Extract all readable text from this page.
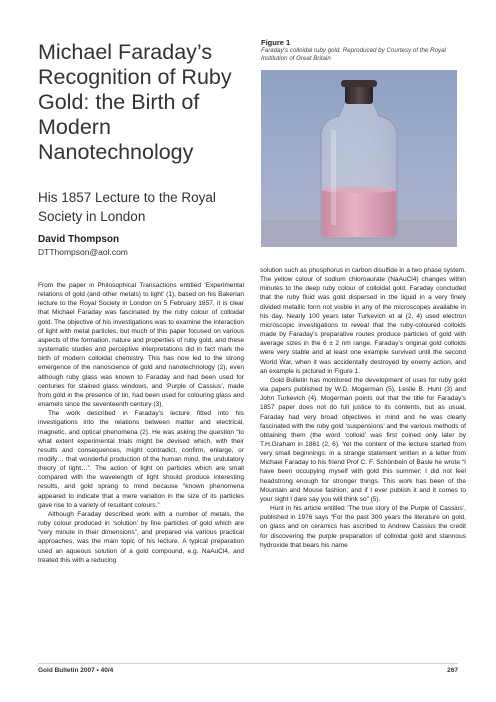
Michael Faraday’s Recognition of Ruby Gold: the Birth of Modern Nanotechnology
His 1857 Lecture to the Royal Society in London
David Thompson
DTThompson@aol.com
Figure 1
Faraday’s colloidal ruby gold. Reproduced by Courtesy of the Royal Institution of Great Britain

From the paper in Philosophical Transactions entitled ‘Experimental relations of gold (and other metals) to light’ (1), based on his Bakerian lecture to the Royal Society in London on 5 February 1857, it is clear that Michael Faraday was fascinated by the ruby colour of colloidal gold. The objective of his investigations was to examine the interaction of light with metal particles, but much of this paper focused on various aspects of the formation, nature and properties of ruby gold, and these systematic studies and perceptive interpretations did in fact mark the birth of modern colloidal chemistry. This has now led to the strong emergence of the nanoscience of gold and nanotechnology (2), even although ruby glass was known to Faraday and had been used for centuries for stained glass windows, and ‘Purple of Cassius’, made from gold in the presence of tin, had been used for colouring glass and enamels since the seventeenth century (3).

The work described in Faraday’s lecture fitted into his investigations into the relations between matter and electrical, magnetic, and optical phenomena (2). He was asking the question “to what extent experimental trials might be devised which, with their results and consequences, might contradict, confirm, enlarge, or modify… that wonderful production of the human mind, the undulatory theory of light…”. The action of light on particles which are small compared with the wavelength of light should produce interesting results, and gold sprang to mind because “known phenomena appeared to indicate that a mere variation in the size of its particles gave rise to a variety of resultant colours.”

Although Faraday described work with a number of metals, the ruby colour produced in ‘solution’ by fine particles of gold which are “very minute in their dimensions”, and prepared via various practical approaches, was the main topic of his lecture. A typical preparation used an aqueous solution of a gold compound, e.g. NaAuCl4, and treated this with a reducing

solution such as phosphorus in carbon disulfide in a two phase system. The yellow colour of sodium chloroaurate (NaAuCl4) changes within minutes to the deep ruby colour of colloidal gold. Faraday concluded that the ruby fluid was gold dispersed in the liquid in a very finely divided metallic form not visible in any of the microscopes available in his day. Nearly 100 years later Turkevich et al (2, 4) used electron microscopic investigations to reveal that the ruby-coloured colloids made by Faraday’s preparative routes produce particles of gold with average sizes in the 6 ± 2 nm range. Faraday’s original gold colloids were very stable and at least one example survived until the second World War, when it was accidentally destroyed by enemy action, and an example is pictured in Figure 1.

Gold Bulletin has monitored the development of uses for ruby gold via papers published by W.D. Mogerman (5), Leslie B. Hunt (3) and John Turkevich (4). Mogerman points out that the title for Faraday’s 1857 paper does not do full justice to its contents, but as usual, Faraday had very broad objectives in mind and he was clearly fascinated with the ruby gold ‘suspensions’ and the various methods of obtaining them (the word ‘colloid’ was first coined only later by T.H.Graham in 1861 (2, 6). Yet the content of the lecture started from very small beginnings: in a strange statement written in a letter from Michael Faraday to his friend Prof C. F. Schönbein of Basle he wrote “I have been occupying myself with gold this summer; I did not feel headstrong enough for stronger things. This work has been of the Mountain and Mouse fashion; and if I ever publish it and it comes to your sight I dare say you will think so” (5).

Hunt in his article entitled ‘The true story of the Purple of Cassius’, published in 1976 says “For the past 300 years the literature on gold, on glass and on ceramics has ascribed to Andrew Cassius the credit for discovering the purple preparation of colloidal gold and stannous hydroxide that bears his name

Gold Bulletin 2007 • 40/4	267
